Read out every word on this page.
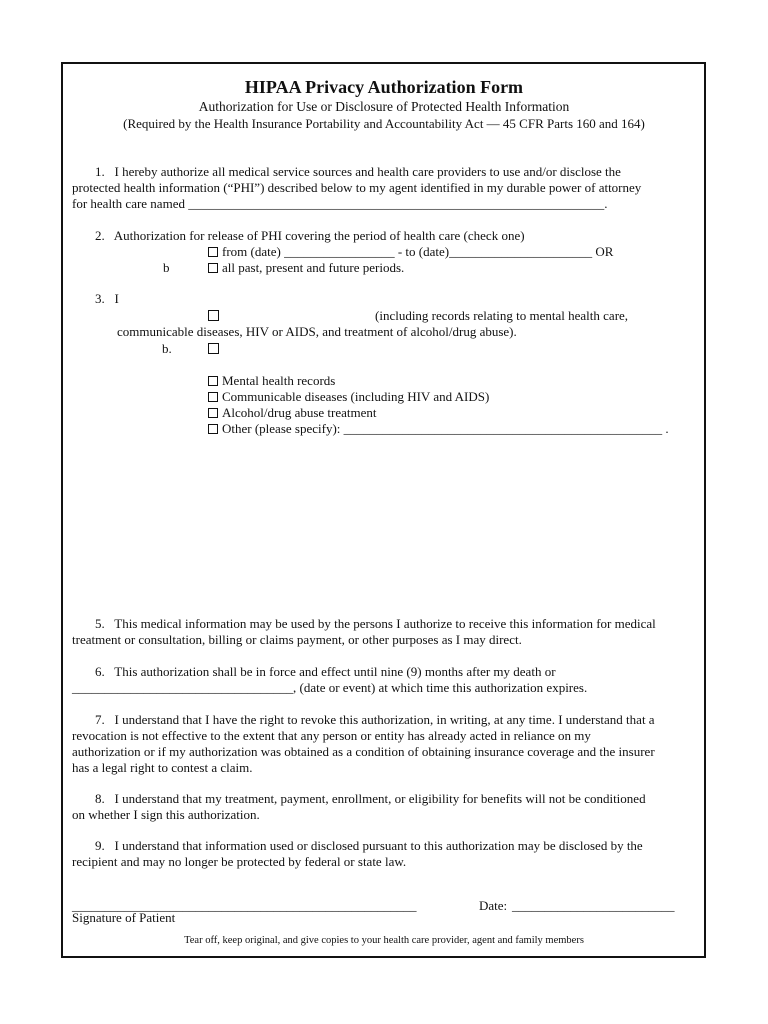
HIPAA Privacy Authorization Form
Authorization for Use or Disclosure of Protected Health Information
(Required by the Health Insurance Portability and Accountability Act — 45 CFR Parts 160 and 164)
1.   I hereby authorize all medical service sources and health care providers to use and/or disclose the
protected health information (“PHI”) described below to my agent identified in my durable power of attorney
for health care named ________________________________________________________________.
2.   Authorization for release of PHI covering the period of health care (check one)
from (date) _________________ - to (date)______________________ OR
b	all past, present and future periods.
3.   I
(including records relating to mental health care,
communicable diseases, HIV or AIDS, and treatment of alcohol/drug abuse).
b.
Mental health records
Communicable diseases (including HIV and AIDS)
Alcohol/drug abuse treatment
Other (please specify): _________________________________________________ .
5.   This medical information may be used by the persons I authorize to receive this information for medical
treatment or consultation, billing or claims payment, or other purposes as I may direct.
6.   This authorization shall be in force and effect until nine (9) months after my death or
__________________________________, (date or event) at which time this authorization expires.
7.   I understand that I have the right to revoke this authorization, in writing, at any time. I understand that a
revocation is not effective to the extent that any person or entity has already acted in reliance on my
authorization or if my authorization was obtained as a condition of obtaining insurance coverage and the insurer
has a legal right to contest a claim.
8.   I understand that my treatment, payment, enrollment, or eligibility for benefits will not be conditioned
on whether I sign this authorization.
9.   I understand that information used or disclosed pursuant to this authorization may be disclosed by the
recipient and may no longer be protected by federal or state law.
_____________________________________________________
Signature of Patient
Date: _________________________
Tear off, keep original, and give copies to your health care provider, agent and family members
